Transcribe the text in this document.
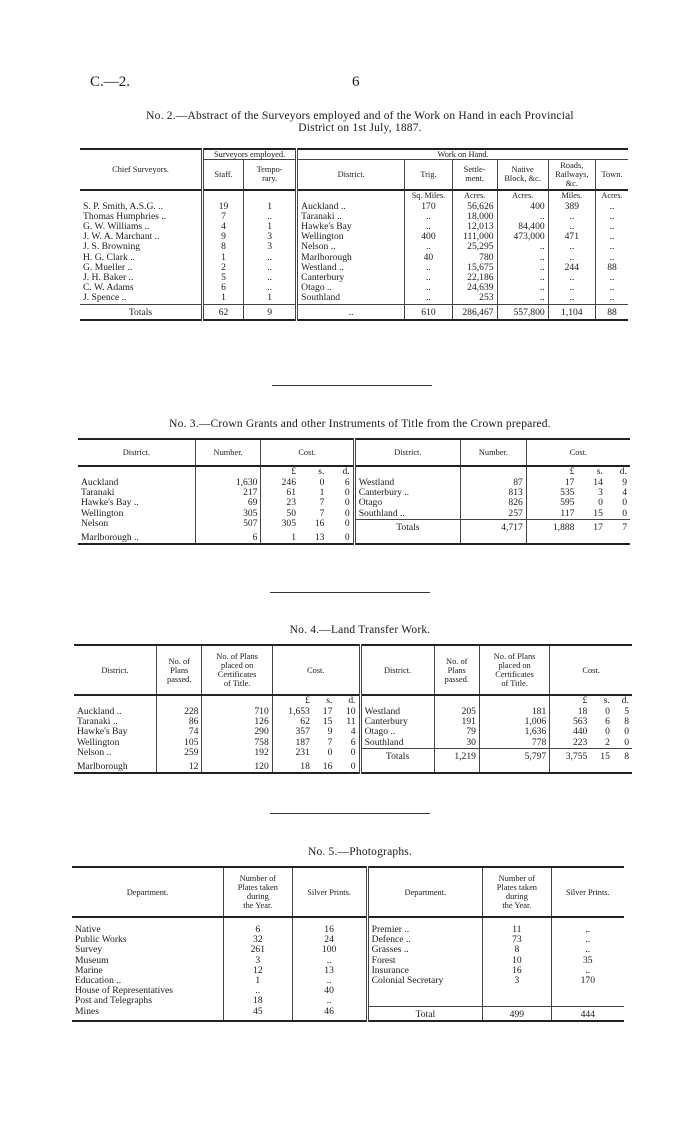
C.—2.	6
No. 2.—Abstract of the Surveyors employed and of the Work on Hand in each Provincial
District on 1st July, 1887.
Chief Surveyors.	Surveyors employed.		Work on Hand.					
	Staff.	Tempo-
rary.	District.	Trig.	Settle-
ment.	Native
Block, &c.	Roads,
Railways,
&c.	Town.
				Sq. Miles.	Acres.	Acres.	Miles.	Acres.
S. P. Smith, A.S.G. ..	19	1	Auckland ..	170	56,626	400	389	..
Thomas Humphries ..	7	..	Taranaki ..	..	18,000	..	..	..
G. W. Williams ..	4	1	Hawke's Bay	..	12,013	84,400	..	..
J. W. A. Marchant ..	9	3	Wellington	400	111,000	473,000	471	..
J. S. Browning	8	3	Nelson ..	..	25,295	..	..	..
H. G. Clark ..	1	..	Marlborough	40	780	..	..	..
G. Mueller ..	2	..	Westland ..	..	15,675	..	244	88
J. H. Baker ..	5	..	Canterbury	..	22,186	..	..	..
C. W. Adams	6	..	Otago ..	..	24,639	..	..	..
J. Spence ..	1	1	Southland	..	253	..	..	..
Totals	62	9	..	610	286,467	557,800	1,104	88
No. 3.—Crown Grants and other Instruments of Title from the Crown prepared.
District.	Number.	Cost.			District.	Number.	Cost.		
		£	s.	d.			£	s.	d.
Auckland	1,630	246	0	6	Westland	87	17	14	9
Taranaki	217	61	1	0	Canterbury ..	813	535	3	4
Hawke's Bay ..	69	23	7	0	Otago	826	595	0	0
Wellington	305	50	7	0	Southland ..	257	117	15	0
Nelson	507	305	16	0	Totals	4,717	1,888	17	7
Marlborough ..	6	1	13	0					
No. 4.—Land Transfer Work.
District.	No. of
Plans
passed.	No. of Plans
placed on
Certificates
of Title.	Cost.			District.	No. of
Plans
passed.	No. of Plans
placed on
Certificates
of Title.	Cost.		
			£	s.	d.				£	s.	d.
Auckland ..	228	710	1,653	17	10	Westland	205	181	18	0	5
Taranaki ..	86	126	62	15	11	Canterbury	191	1,006	563	6	8
Hawke's Bay	74	290	357	9	4	Otago ..	79	1,636	440	0	0
Wellington	105	758	187	7	6	Southland	30	778	223	2	0
Nelson ..	259	192	231	0	0	Totals	1,219	5,797	3,755	15	8
Marlborough	12	120	18	16	0						
No. 5.—Photographs.
Department.	Number of
Plates taken
during
the Year.	Silver Prints.	Department.	Number of
Plates taken
during
the Year.	Silver Prints.

Native	6	16	Premier ..	11	..
Public Works	32	24	Defence ..	73	..
Survey	261	100	Grasses ..	8	..
Museum	3	..	Forest	10	35
Marine	12	13	Insurance	16	..
Education ..	1	..	Colonial Secretary	3	170
House of Representatives	..	40			
Post and Telegraphs	18	..			
Mines	45	46	Total	499	444
